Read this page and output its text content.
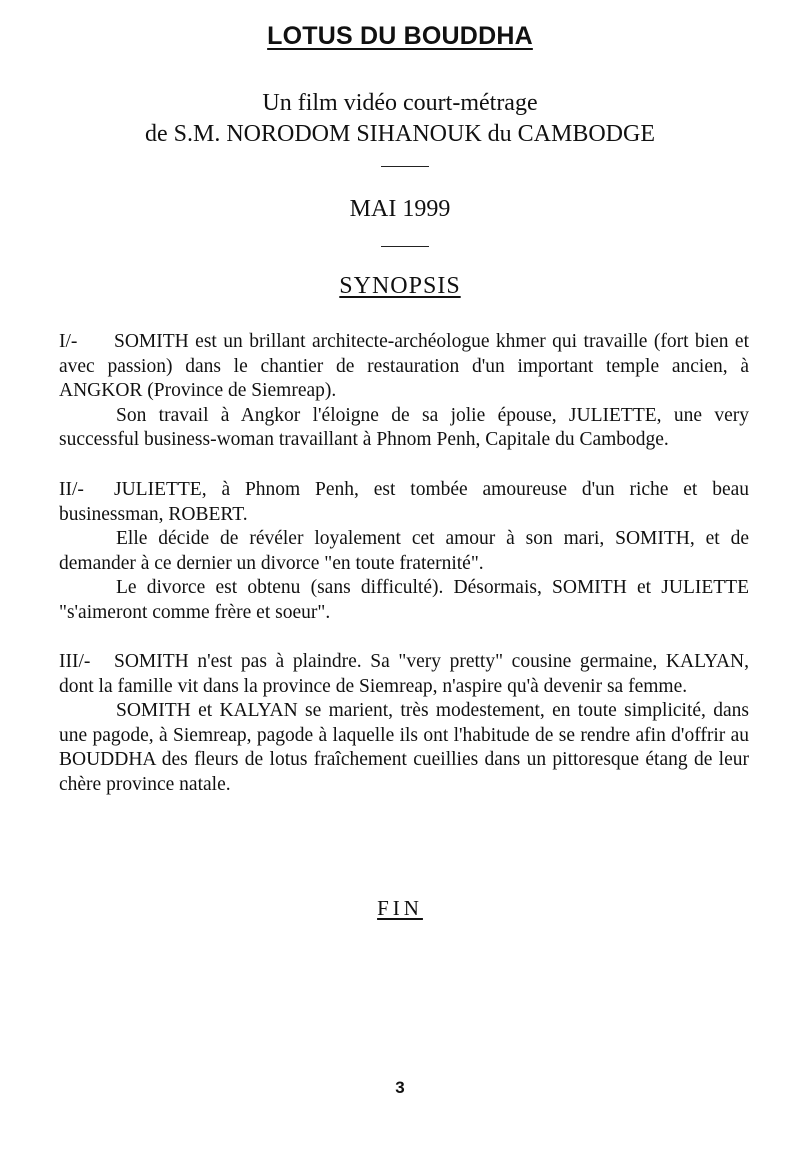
LOTUS DU BOUDDHA
Un film vidéo court-métrage
de S.M. NORODOM SIHANOUK du CAMBODGE
MAI 1999
SYNOPSIS

I/- SOMITH est un brillant architecte-archéologue khmer qui travaille (fort bien et avec passion) dans le chantier de restauration d'un important temple ancien, à ANGKOR (Province de Siemreap).

Son travail à Angkor l'éloigne de sa jolie épouse, JULIETTE, une very successful business-woman travaillant à Phnom Penh, Capitale du Cambodge.

II/- JULIETTE, à Phnom Penh, est tombée amoureuse d'un riche et beau businessman, ROBERT.

Elle décide de révéler loyalement cet amour à son mari, SOMITH, et de demander à ce dernier un divorce "en toute fraternité".

Le divorce est obtenu (sans difficulté). Désormais, SOMITH et JULIETTE "s'aimeront comme frère et soeur".

III/- SOMITH n'est pas à plaindre. Sa "very pretty" cousine germaine, KALYAN, dont la famille vit dans la province de Siemreap, n'aspire qu'à devenir sa femme.

SOMITH et KALYAN se marient, très modestement, en toute simplicité, dans une pagode, à Siemreap, pagode à laquelle ils ont l'habitude de se rendre afin d'offrir au BOUDDHA des fleurs de lotus fraîchement cueillies dans un pittoresque étang de leur chère province natale.

FIN
3
